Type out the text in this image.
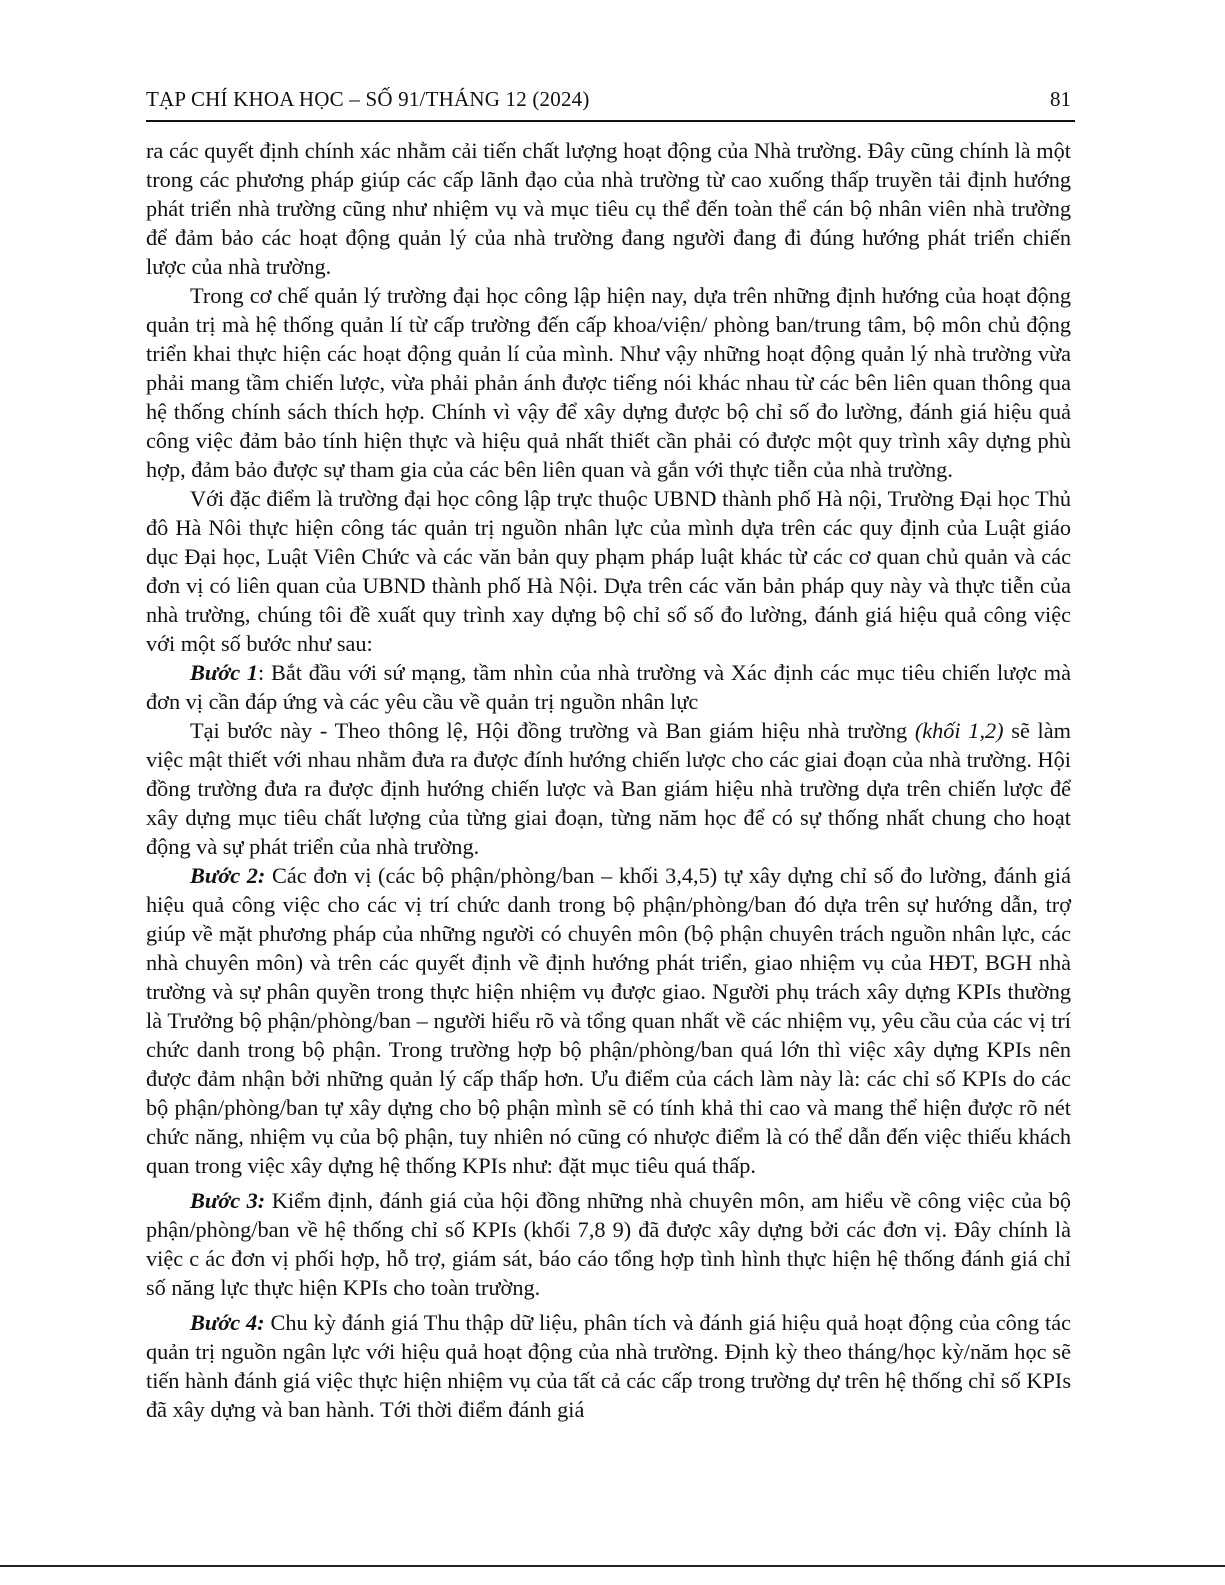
TẠP CHÍ KHOA HỌC – SỐ 91/THÁNG 12 (2024)	81

ra các quyết định chính xác nhằm cải tiến chất lượng hoạt động của Nhà trường. Đây cũng chính là một trong các phương pháp giúp các cấp lãnh đạo của nhà trường từ cao xuống thấp truyền tải định hướng phát triển nhà trường cũng như nhiệm vụ và mục tiêu cụ thể đến toàn thể cán bộ nhân viên nhà trường để đảm bảo các hoạt động quản lý của nhà trường đang người đang đi đúng hướng phát triển chiến lược của nhà trường.

Trong cơ chế quản lý trường đại học công lập hiện nay, dựa trên những định hướng của hoạt động quản trị mà hệ thống quản lí từ cấp trường đến cấp khoa/viện/ phòng ban/trung tâm, bộ môn chủ động triển khai thực hiện các hoạt động quản lí của mình. Như vậy những hoạt động quản lý nhà trường vừa phải mang tầm chiến lược, vừa phải phản ánh được tiếng nói khác nhau từ các bên liên quan thông qua hệ thống chính sách thích hợp. Chính vì vậy để xây dựng được bộ chỉ số đo lường, đánh giá hiệu quả công việc đảm bảo tính hiện thực và hiệu quả nhất thiết cần phải có được một quy trình xây dựng phù hợp, đảm bảo được sự tham gia của các bên liên quan và gắn với thực tiễn của nhà trường.

Với đặc điểm là trường đại học công lập trực thuộc UBND thành phố Hà nội, Trường Đại học Thủ đô Hà Nôi thực hiện công tác quản trị nguồn nhân lực của mình dựa trên các quy định của Luật giáo dục Đại học, Luật Viên Chức và các văn bản quy phạm pháp luật khác từ các cơ quan chủ quản và các đơn vị có liên quan của UBND thành phố Hà Nội. Dựa trên các văn bản pháp quy này và thực tiễn của nhà trường, chúng tôi đề xuất quy trình xay dựng bộ chỉ số số đo lường, đánh giá hiệu quả công việc với một số bước như sau:

Bước 1: Bắt đầu với sứ mạng, tầm nhìn của nhà trường và Xác định các mục tiêu chiến lược mà đơn vị cần đáp ứng và các yêu cầu về quản trị nguồn nhân lực

Tại bước này - Theo thông lệ, Hội đồng trường và Ban giám hiệu nhà trường (khối 1,2) sẽ làm việc mật thiết với nhau nhằm đưa ra được đính hướng chiến lược cho các giai đoạn của nhà trường. Hội đồng trường đưa ra được định hướng chiến lược và Ban giám hiệu nhà trường dựa trên chiến lược để xây dựng mục tiêu chất lượng của từng giai đoạn, từng năm học để có sự thống nhất chung cho hoạt động và sự phát triển của nhà trường.

Bước 2: Các đơn vị (các bộ phận/phòng/ban – khối 3,4,5) tự xây dựng chỉ số đo lường, đánh giá hiệu quả công việc cho các vị trí chức danh trong bộ phận/phòng/ban đó dựa trên sự hướng dẫn, trợ giúp về mặt phương pháp của những người có chuyên môn (bộ phận chuyên trách nguồn nhân lực, các nhà chuyên môn) và trên các quyết định về định hướng phát triển, giao nhiệm vụ của HĐT, BGH nhà trường và sự phân quyền trong thực hiện nhiệm vụ được giao. Người phụ trách xây dựng KPIs thường là Trưởng bộ phận/phòng/ban – người hiểu rõ và tổng quan nhất về các nhiệm vụ, yêu cầu của các vị trí chức danh trong bộ phận. Trong trường hợp bộ phận/phòng/ban quá lớn thì việc xây dựng KPIs nên được đảm nhận bởi những quản lý cấp thấp hơn. Ưu điểm của cách làm này là: các chỉ số KPIs do các bộ phận/phòng/ban tự xây dựng cho bộ phận mình sẽ có tính khả thi cao và mang thể hiện được rõ nét chức năng, nhiệm vụ của bộ phận, tuy nhiên nó cũng có nhược điểm là có thể dẫn đến việc thiếu khách quan trong việc xây dựng hệ thống KPIs như: đặt mục tiêu quá thấp.

Bước 3: Kiểm định, đánh giá của hội đồng những nhà chuyên môn, am hiểu về công việc của bộ phận/phòng/ban về hệ thống chỉ số KPIs (khối 7,8 9) đã được xây dựng bởi các đơn vị. Đây chính là việc c ác đơn vị phối hợp, hỗ trợ, giám sát, báo cáo tổng hợp tình hình thực hiện hệ thống đánh giá chỉ số năng lực thực hiện KPIs cho toàn trường.

Bước 4: Chu kỳ đánh giá Thu thập dữ liệu, phân tích và đánh giá hiệu quả hoạt động của công tác quản trị nguồn ngân lực với hiệu quả hoạt động của nhà trường. Định kỳ theo tháng/học kỳ/năm học sẽ tiến hành đánh giá việc thực hiện nhiệm vụ của tất cả các cấp trong trường dự trên hệ thống chỉ số KPIs đã xây dựng và ban hành. Tới thời điểm đánh giá
